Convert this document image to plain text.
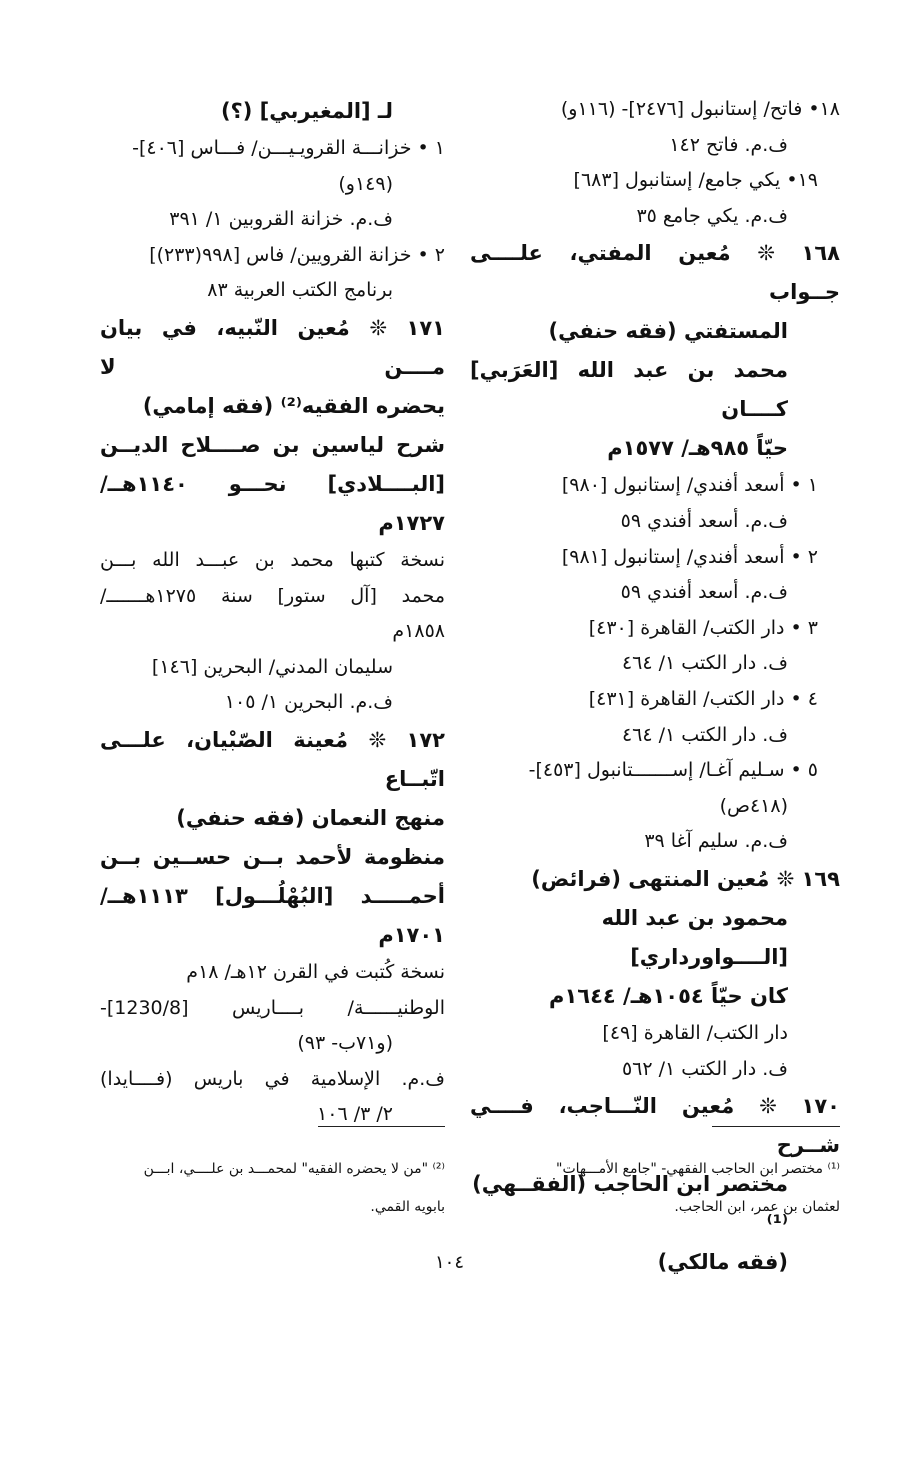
١٨• فاتح/ إستانبول [٢٤٧٦]- (١١٦و)
ف.م. فاتح ١٤٢
١٩• يكي جامع/ إستانبول [٦٨٣]
ف.م. يكي جامع ٣٥
١٦٨ ❊ مُعين المفتي، علــــى جــواب
المستفتي (فقه حنفي)
محمد بن عبد الله [العَرَبي] كــــان
حيّاً ٩٨٥هـ/ ١٥٧٧م
١ • أسعد أفندي/ إستانبول [٩٨٠]
ف.م. أسعد أفندي ٥٩
٢ • أسعد أفندي/ إستانبول [٩٨١]
ف.م. أسعد أفندي ٥٩
٣ • دار الكتب/ القاهرة [٤٣٠]
ف. دار الكتب ١/ ٤٦٤
٤ • دار الكتب/ القاهرة [٤٣١]
ف. دار الكتب ١/ ٤٦٤
٥ • سـليم آغـا/ إســـــــتانبول [٤٥٣]-
(٤١٨ص)
ف.م. سليم آغا ٣٩
١٦٩ ❊ مُعين المنتهى (فرائض)
محمود بن عبد الله [الــــواورداري]
كان حيّاً ١٠٥٤هـ/ ١٦٤٤م
دار الكتب/ القاهرة [٤٩]
ف. دار الكتب ١/ ٥٦٢
١٧٠ ❊ مُعين النّـــاجب، فــــي شــرح
مختصر ابن الحاجب (الفقــهي)⁽¹⁾
(فقه مالكي)
لـ [المغيربي] (؟)
١ • خزانـــة القرويـيـــن/ فـــاس [٤٠٦]-
(١٤٩و)
ف.م. خزانة القروبين ١/ ٣٩١
٢ • خزانة القرويين/ فاس [٩٩٨(٢٣٣)]
برنامج الكتب العربية ٨٣
١٧١ ❊ مُعين النّبيه، في بيان مــــن لا
يحضره الفقيه⁽²⁾ (فقه إمامي)
شرح لياسين بن صــــلاح الديــن
[البــــلادي] نحـــو ١١٤٠هــ/
١٧٢٧م
نسخة كتبها محمد بن عبـــد الله بـــن
محمد [آل ستور] سنة ١٢٧٥هـــــــ/
١٨٥٨م
سليمان المدني/ البحرين [١٤٦]
ف.م. البحرين ١/ ١٠٥
١٧٢ ❊ مُعينة الصّبْيان، علـــى اتّبــاع
منهج النعمان (فقه حنفي)
منظومة لأحمد بــن حســين بــن
أحمـــــد [البُهْلُـــول] ١١١٣هــ/
١٧٠١م
نسخة كُتبت في القرن ١٢هـ/ ١٨م
الوطنيــــــة/ بــــاريس [1230/8]-
(و٧١ب- ٩٣)
ف.م. الإسلامية في باريس (فــــايدا)
٢/ ٣/ ١٠٦
⁽¹⁾ مختصر ابن الحاجب الفقهي- "جامع الأمـــهات"
لعثمان بن عمر، ابن الحاجب.
⁽²⁾ "من لا يحضره الفقيه" لمحمـــد بن علــــي، ابـــن
بابويه القمي.
١٠٤
